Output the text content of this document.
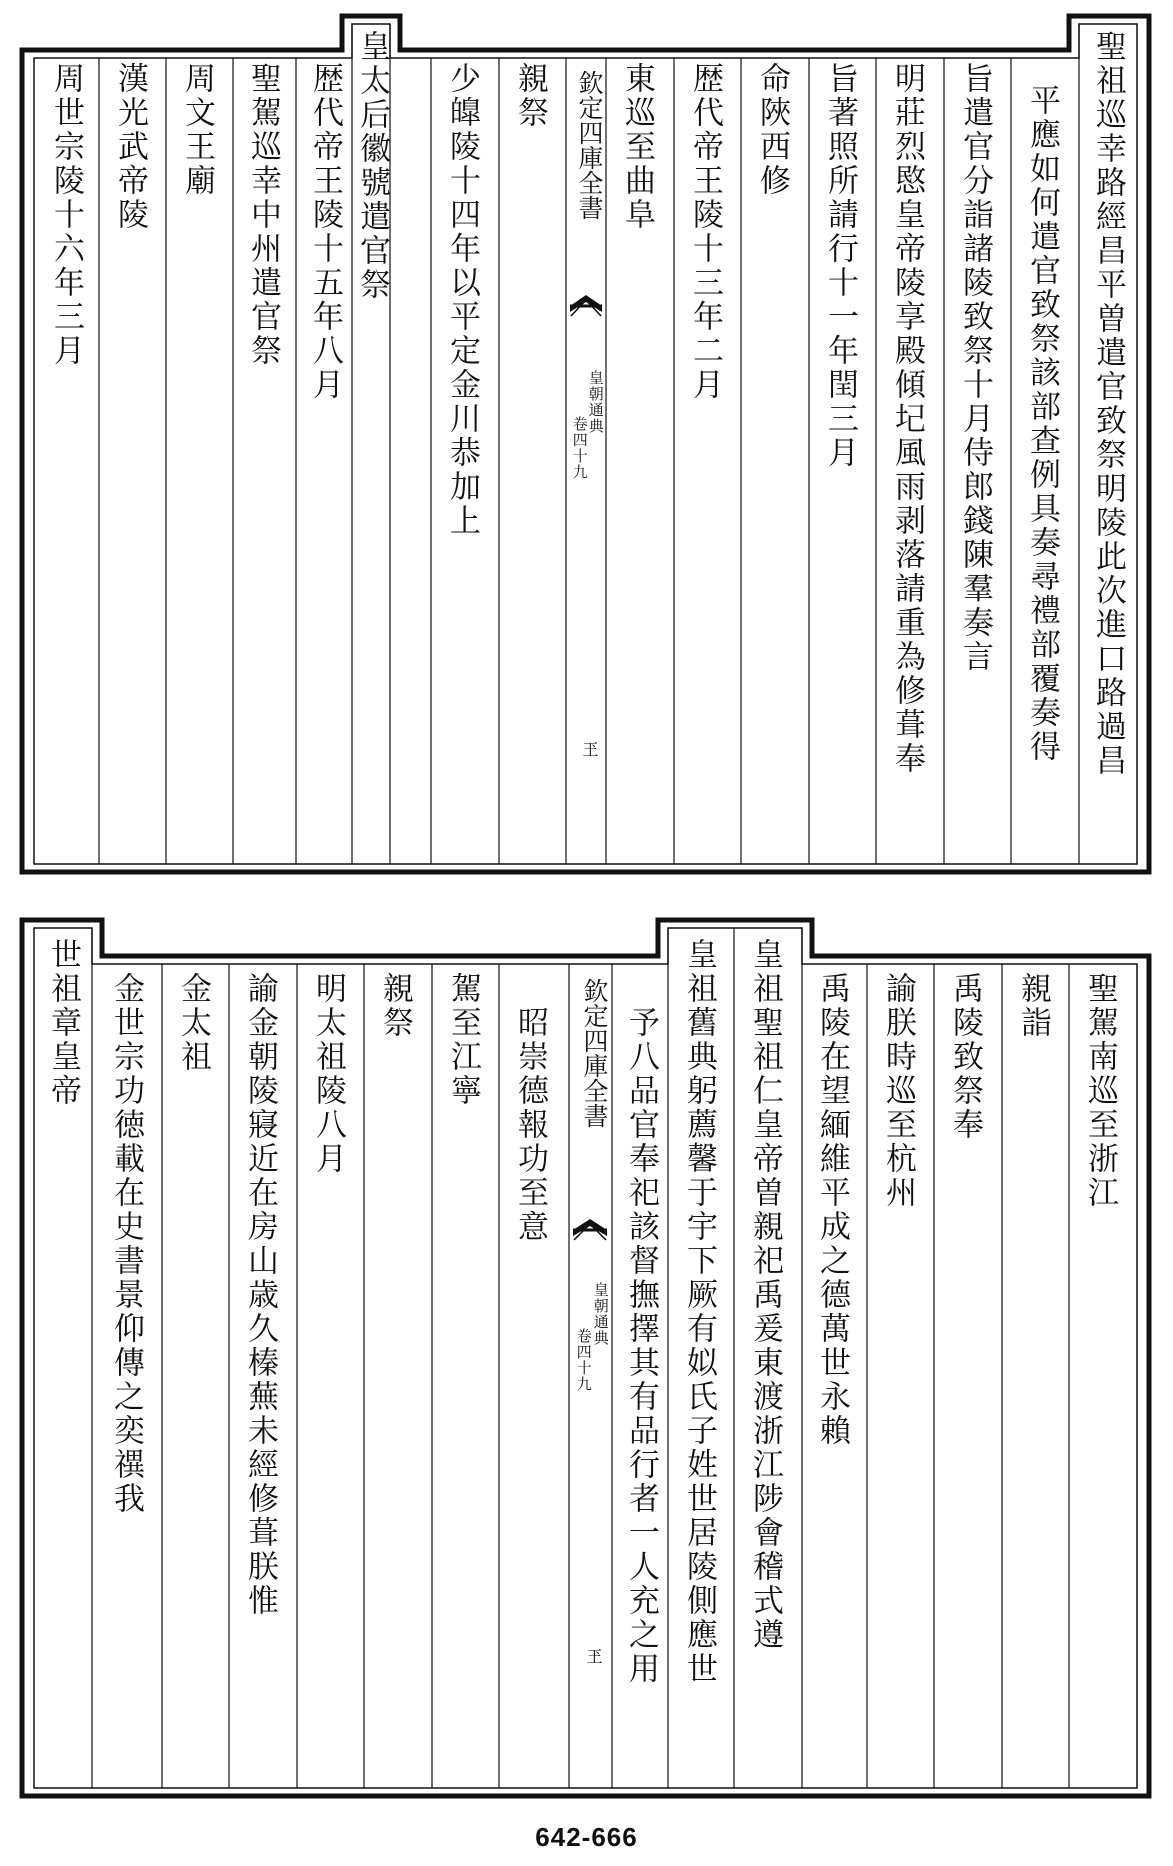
聖祖巡幸路經昌平曽遣官致祭明陵此次進口路過昌
平應如何遣官致祭該部查例具奏尋禮部覆奏得
旨遣官分詣諸陵致祭十月侍郎錢陳羣奏言
明莊烈愍皇帝陵享殿傾圮風雨剥落請重為修葺奉
旨著照所請行十一年閏三月
命陜西修
歴代帝王陵十三年二月
東巡至曲阜
欽定四庫全書
皇朝通典
卷四十九
玊
親祭
少皥陵十四年以平定金川恭加上
皇太后徽號遣官祭
歴代帝王陵十五年八月
聖駕巡幸中州遣官祭
周文王廟
漢光武帝陵
周世宗陵十六年三月
聖駕南巡至浙江
親詣
禹陵致祭奉
諭朕時巡至杭州
禹陵在望緬維平成之德萬世永賴
皇祖聖祖仁皇帝曽親祀禹爰東渡浙江陟會稽式遵
皇祖舊典躬薦馨于宇下厥有姒氏子姓世居陵側應世
予八品官奉祀該督撫擇其有品行者一人充之用
欽定四庫全書
皇朝通典
卷四十九
玊
昭崇德報功至意
駕至江寧
親祭
明太祖陵八月
諭金朝陵寢近在房山歳久榛蕪未經修葺朕惟
金太祖
金世宗功徳載在史書景仰傳之奕禩我
世祖章皇帝
642-666
